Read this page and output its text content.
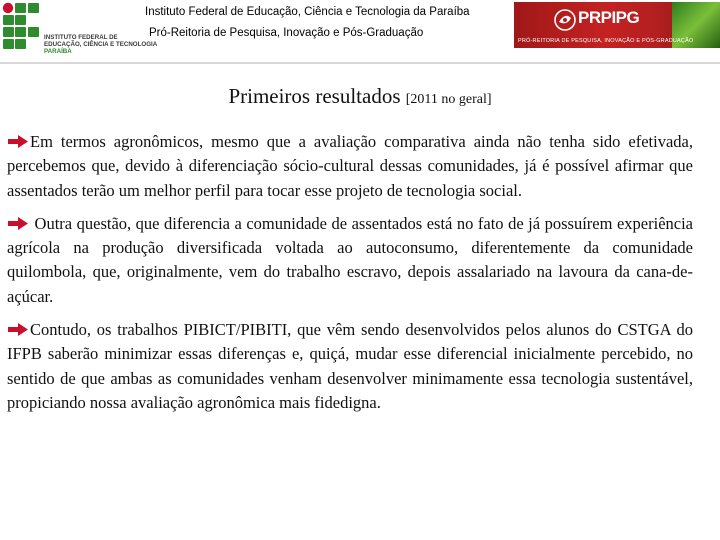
INSTITUTO FEDERAL DE
EDUCAÇÃO, CIÊNCIA E TECNOLOGIA
PARAÍBA
Instituto Federal de Educação, Ciência e Tecnologia da Paraíba
Pró-Reitoria de Pesquisa, Inovação e Pós-Graduação
PRPIPG
PRÓ-REITORIA DE PESQUISA, INOVAÇÃO E PÓS-GRADUAÇÃO
Primeiros resultados [2011 no geral]

Em termos agronômicos, mesmo que a avaliação comparativa ainda não tenha sido efetivada, percebemos que, devido à diferenciação sócio-cultural dessas comunidades, já é possível afirmar que assentados terão um melhor perfil para tocar esse projeto de tecnologia social.

Outra questão, que diferencia a comunidade de assentados está no fato de já possuírem experiência agrícola na produção diversificada voltada ao autoconsumo, diferentemente da comunidade quilombola, que, originalmente, vem do trabalho escravo, depois assalariado na lavoura da cana-de-açúcar.

Contudo, os trabalhos PIBICT/PIBITI, que vêm sendo desenvolvidos pelos alunos do CSTGA do IFPB saberão minimizar essas diferenças e, quiçá, mudar esse diferencial inicialmente percebido, no sentido de que ambas as comunidades venham desenvolver minimamente essa tecnologia sustentável, propiciando nossa avaliação agronômica mais fidedigna.
